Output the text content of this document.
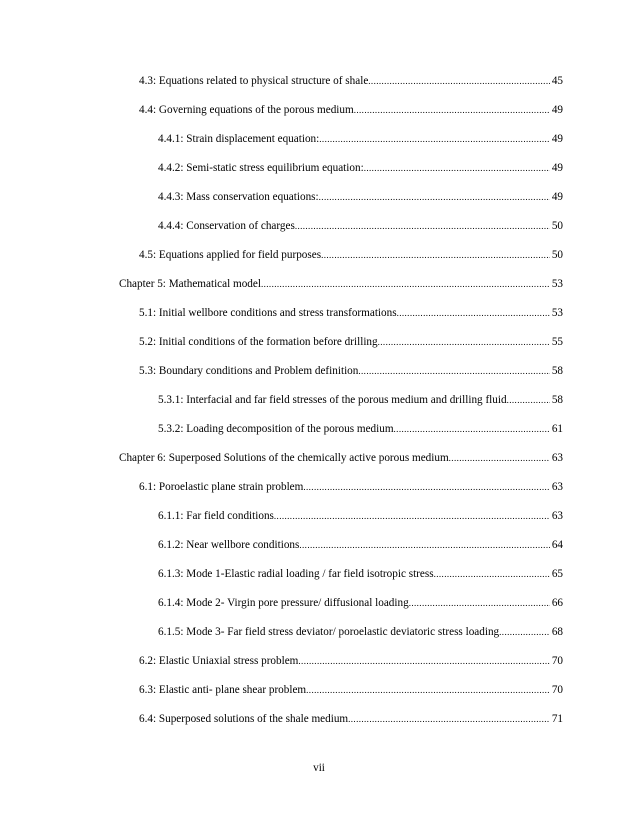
4.3: Equations related to physical structure of shale .....	45
4.4: Governing equations of the porous medium .....	49
4.4.1: Strain displacement equation: .....	49
4.4.2: Semi-static stress equilibrium equation: .....	49
4.4.3: Mass conservation equations: .....	49
4.4.4: Conservation of charges .....	50
4.5: Equations applied for field purposes .....	50
Chapter 5: Mathematical model .....	53
5.1: Initial wellbore conditions and stress transformations .....	53
5.2: Initial conditions of the formation before drilling .....	55
5.3: Boundary conditions and Problem definition .....	58
5.3.1: Interfacial and far field stresses of the porous medium and drilling fluid .....	58
5.3.2: Loading decomposition of the porous medium .....	61
Chapter 6: Superposed Solutions of the chemically active porous medium .....	63
6.1: Poroelastic plane strain problem .....	63
6.1.1: Far field conditions .....	63
6.1.2: Near wellbore conditions .....	64
6.1.3: Mode 1-Elastic radial loading / far field isotropic stress .....	65
6.1.4: Mode 2- Virgin pore pressure/ diffusional loading .....	66
6.1.5: Mode 3- Far field stress deviator/ poroelastic deviatoric stress loading .....	68
6.2: Elastic Uniaxial stress problem .....	70
6.3: Elastic anti- plane shear problem .....	70
6.4: Superposed solutions of the shale medium .....	71
vii
